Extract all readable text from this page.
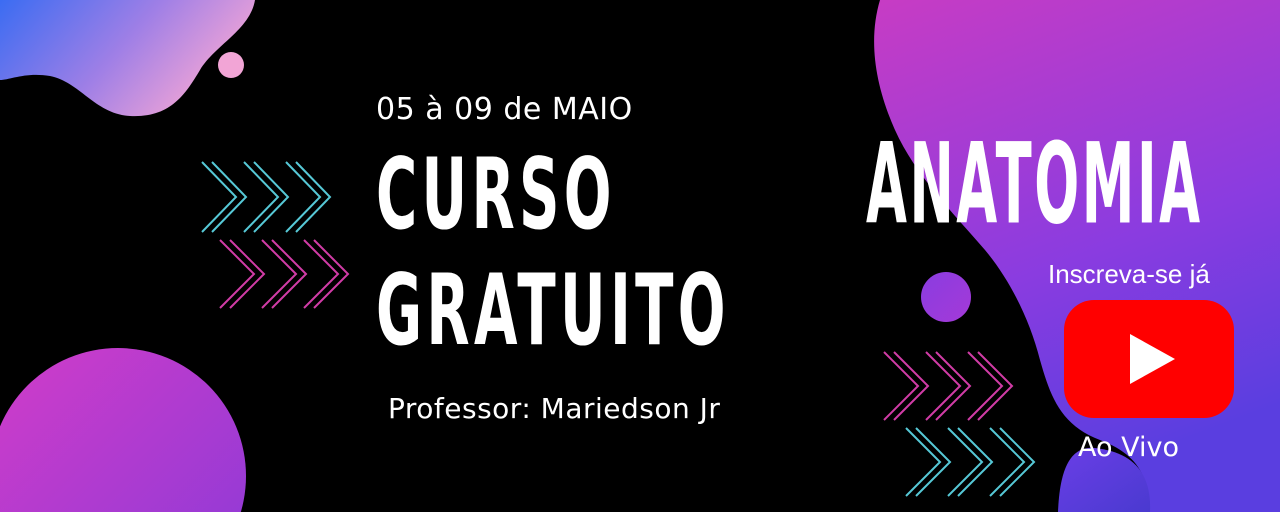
05 à 09 de MAIO
CURSO
GRATUITO
Professor: Mariedson Jr
ANATOMIA
Inscreva-se já
Ao Vivo
